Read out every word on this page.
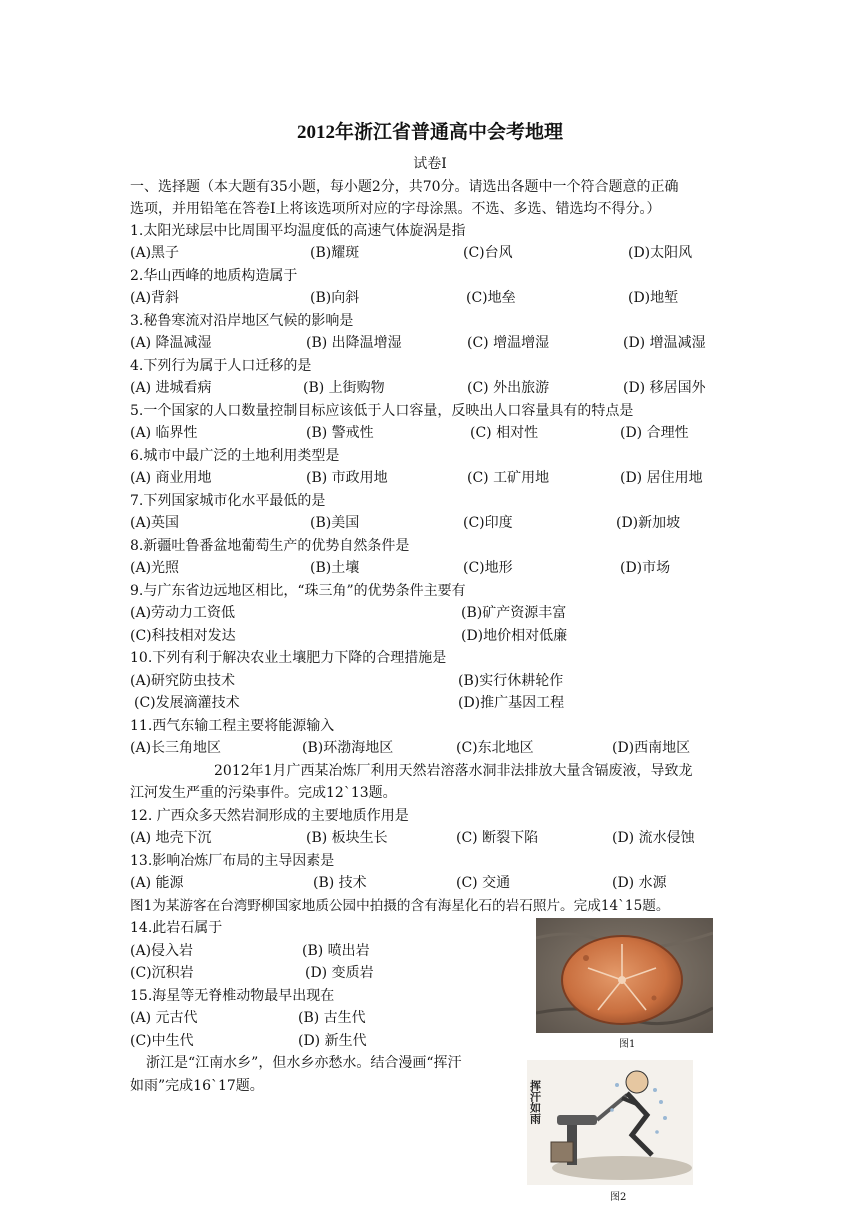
2012年浙江省普通高中会考地理
试卷I
一、选择题（本大题有35小题，每小题2分，共70分。请选出各题中一个符合题意的正确
选项，并用铅笔在答卷I上将该选项所对应的字母涂黑。不选、多选、错选均不得分。）
1.太阳光球层中比周围平均温度低的高速气体旋涡是指
(A)黑子	(B)耀斑	(C)台风	(D)太阳风
2.华山西峰的地质构造属于
(A)背斜	(B)向斜	(C)地垒	(D)地堑
3.秘鲁寒流对沿岸地区气候的影响是
(A) 降温减湿	(B) 出降温增湿	(C) 增温增湿	(D) 增温减湿
4.下列行为属于人口迁移的是
(A) 进城看病	(B) 上街购物	(C) 外出旅游	(D) 移居国外
5.一个国家的人口数量控制目标应该低于人口容量，反映出人口容量具有的特点是
(A) 临界性	(B) 警戒性	(C) 相对性	(D) 合理性
6.城市中最广泛的土地利用类型是
(A) 商业用地	(B) 市政用地	(C) 工矿用地	(D) 居住用地
7.下列国家城市化水平最低的是
(A)英国	(B)美国	(C)印度	(D)新加坡
8.新疆吐鲁番盆地葡萄生产的优势自然条件是
(A)光照	(B)土壤	(C)地形	(D)市场
9.与广东省边远地区相比，“珠三角”的优势条件主要有
(A)劳动力工资低	(B)矿产资源丰富
(C)科技相对发达	(D)地价相对低廉
10.下列有利于解决农业土壤肥力下降的合理措施是
(A)研究防虫技术	(B)实行休耕轮作
(C)发展滴灌技术	(D)推广基因工程
11.西气东输工程主要将能源输入
(A)长三角地区	(B)环渤海地区	(C)东北地区	(D)西南地区
2012年1月广西某冶炼厂利用天然岩溶落水洞非法排放大量含镉废液，导致龙
江河发生严重的污染事件。完成12`13题。
12. 广西众多天然岩洞形成的主要地质作用是
(A) 地壳下沉	(B) 板块生长	(C) 断裂下陷	(D) 流水侵蚀
13.影响冶炼厂布局的主导因素是
(A) 能源	(B) 技术	(C) 交通	(D) 水源
图1为某游客在台湾野柳国家地质公园中拍摄的含有海星化石的岩石照片。完成14`15题。
14.此岩石属于
(A)侵入岩	(B) 喷出岩
(C)沉积岩	(D) 变质岩
15.海星等无脊椎动物最早出现在
(A) 元古代	(B) 古生代
(C)中生代	(D) 新生代
浙江是“江南水乡”，但水乡亦愁水。结合漫画“挥汗
如雨”完成16`17题。
图1
挥汗如雨
图2
